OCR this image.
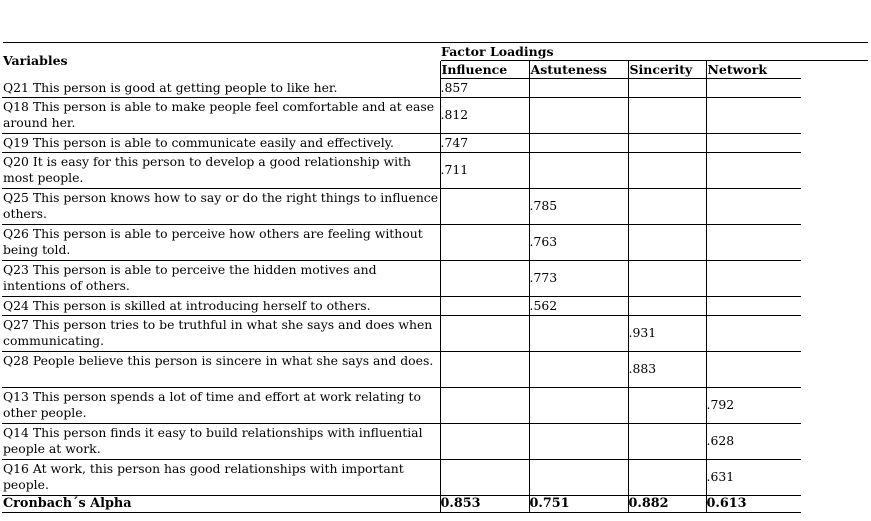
Variables
Factor Loadings
	Influence	Astuteness	Sincerity	Network
Q21 This person is good at getting people to like her.	.857			
Q18 This person is able to make people feel comfortable and at ease around her.	.812			
Q19 This person is able to communicate easily and effectively.	.747			
Q20 It is easy for this person to develop a good relationship with most people.	.711			
Q25 This person knows how to say or do the right things to influence others.		.785		
Q26 This person is able to perceive how others are feeling without being told.		.763		
Q23 This person is able to perceive the hidden motives and intentions of others.		.773		
Q24 This person is skilled at introducing herself to others.		.562		
Q27 This person tries to be truthful in what she says and does when communicating.			.931	
Q28 People believe this person is sincere in what she says and does.			.883	
Q13 This person spends a lot of time and effort at work relating to other people.				.792
Q14 This person finds it easy to build relationships with influential people at work.				.628
Q16 At work, this person has good relationships with important people.				.631
Cronbach´s Alpha	0.853	0.751	0.882	0.613
